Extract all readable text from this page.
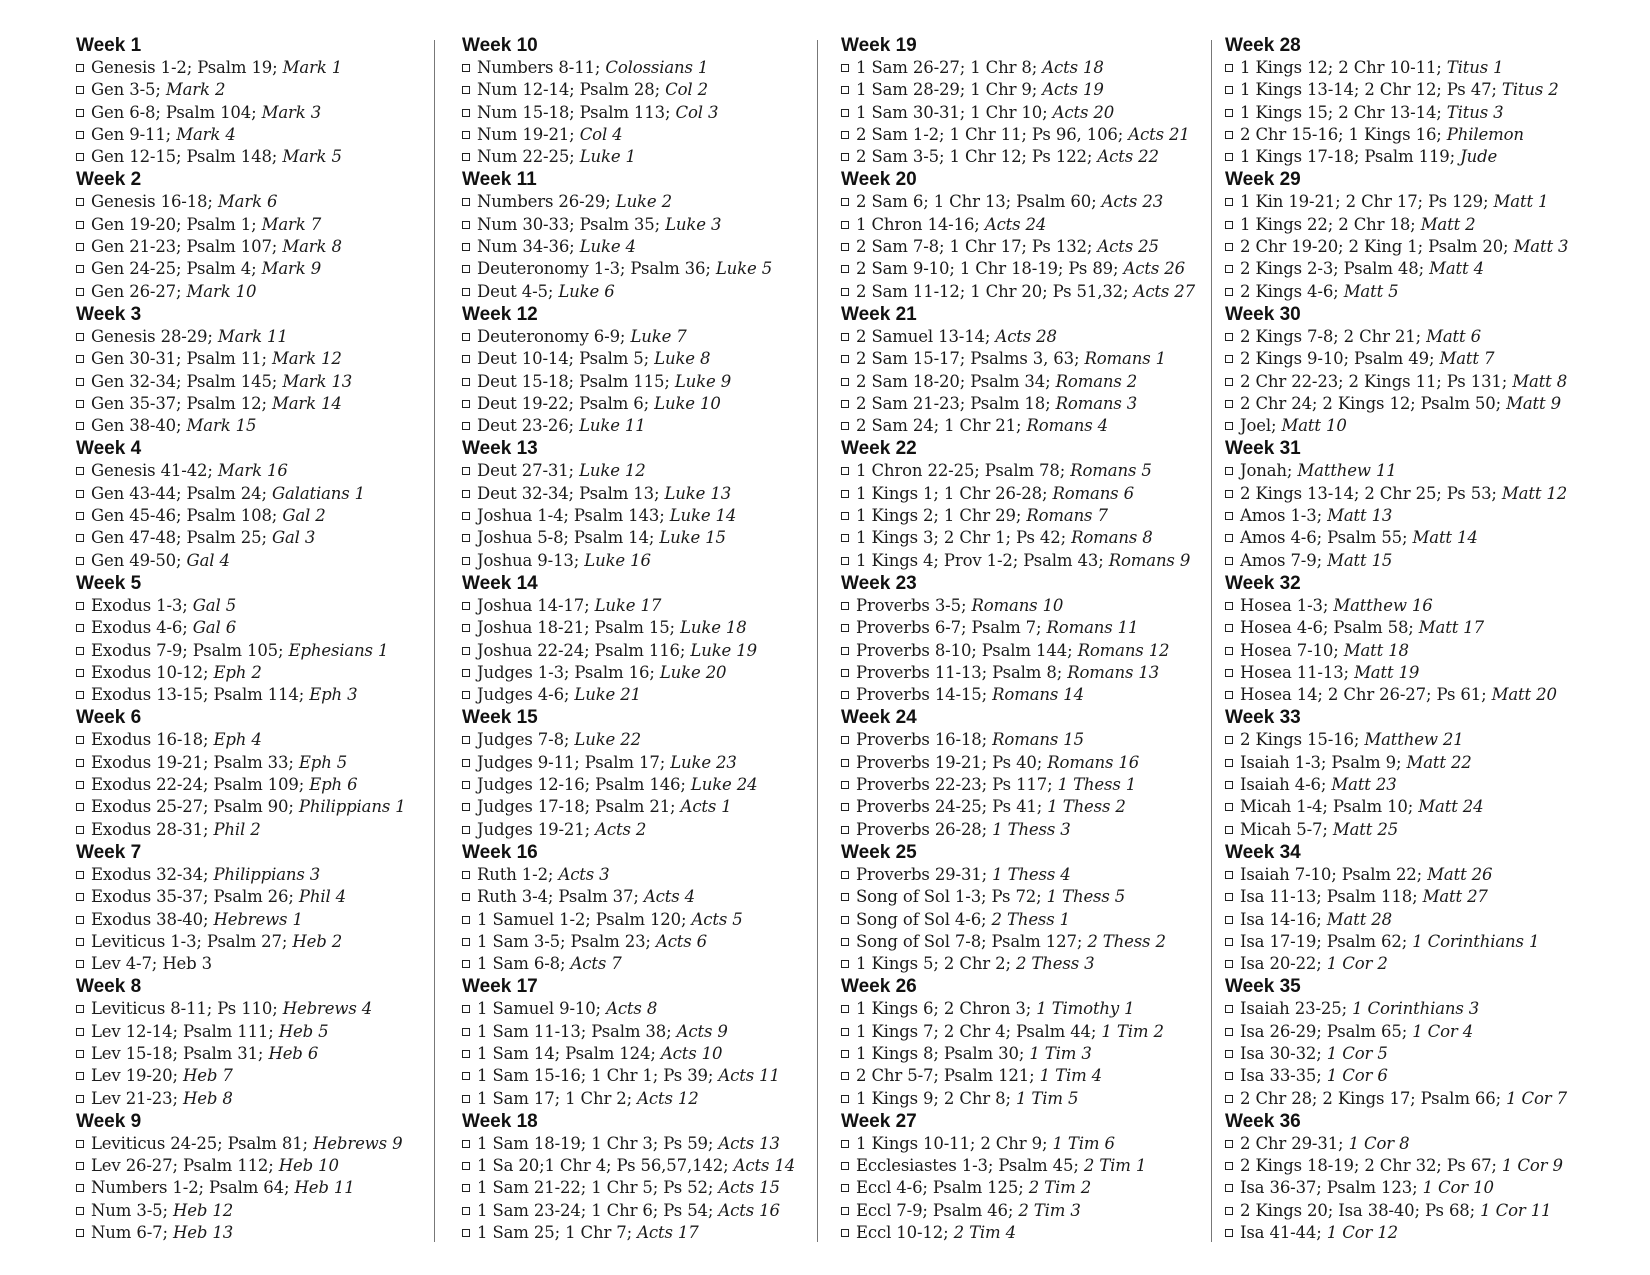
Week 1
Genesis 1-2; Psalm 19; Mark 1
Gen 3-5; Mark 2
Gen 6-8; Psalm 104; Mark 3
Gen 9-11; Mark 4
Gen 12-15; Psalm 148; Mark 5
Week 2
Genesis 16-18; Mark 6
Gen 19-20; Psalm 1; Mark 7
Gen 21-23; Psalm 107; Mark 8
Gen 24-25; Psalm 4; Mark 9
Gen 26-27; Mark 10
Week 3
Genesis 28-29; Mark 11
Gen 30-31; Psalm 11; Mark 12
Gen 32-34; Psalm 145; Mark 13
Gen 35-37; Psalm 12; Mark 14
Gen 38-40; Mark 15
Week 4
Genesis 41-42; Mark 16
Gen 43-44; Psalm 24; Galatians 1
Gen 45-46; Psalm 108; Gal 2
Gen 47-48; Psalm 25; Gal 3
Gen 49-50; Gal 4
Week 5
Exodus 1-3; Gal 5
Exodus 4-6; Gal 6
Exodus 7-9; Psalm 105; Ephesians 1
Exodus 10-12; Eph 2
Exodus 13-15; Psalm 114; Eph 3
Week 6
Exodus 16-18; Eph 4
Exodus 19-21; Psalm 33; Eph 5
Exodus 22-24; Psalm 109; Eph 6
Exodus 25-27; Psalm 90; Philippians 1
Exodus 28-31; Phil 2
Week 7
Exodus 32-34; Philippians 3
Exodus 35-37; Psalm 26; Phil 4
Exodus 38-40; Hebrews 1
Leviticus 1-3; Psalm 27; Heb 2
Lev 4-7; Heb 3
Week 8
Leviticus 8-11; Ps 110; Hebrews 4
Lev 12-14; Psalm 111; Heb 5
Lev 15-18; Psalm 31; Heb 6
Lev 19-20; Heb 7
Lev 21-23; Heb 8
Week 9
Leviticus 24-25; Psalm 81; Hebrews 9
Lev 26-27; Psalm 112; Heb 10
Numbers 1-2; Psalm 64; Heb 11
Num 3-5; Heb 12
Num 6-7; Heb 13
Week 10
Numbers 8-11; Colossians 1
Num 12-14; Psalm 28; Col 2
Num 15-18; Psalm 113; Col 3
Num 19-21; Col 4
Num 22-25; Luke 1
Week 11
Numbers 26-29; Luke 2
Num 30-33; Psalm 35; Luke 3
Num 34-36; Luke 4
Deuteronomy 1-3; Psalm 36; Luke 5
Deut 4-5; Luke 6
Week 12
Deuteronomy 6-9; Luke 7
Deut 10-14; Psalm 5; Luke 8
Deut 15-18; Psalm 115; Luke 9
Deut 19-22; Psalm 6; Luke 10
Deut 23-26; Luke 11
Week 13
Deut 27-31; Luke 12
Deut 32-34; Psalm 13; Luke 13
Joshua 1-4; Psalm 143; Luke 14
Joshua 5-8; Psalm 14; Luke 15
Joshua 9-13; Luke 16
Week 14
Joshua 14-17; Luke 17
Joshua 18-21; Psalm 15; Luke 18
Joshua 22-24; Psalm 116; Luke 19
Judges 1-3; Psalm 16; Luke 20
Judges 4-6; Luke 21
Week 15
Judges 7-8; Luke 22
Judges 9-11; Psalm 17; Luke 23
Judges 12-16; Psalm 146; Luke 24
Judges 17-18; Psalm 21; Acts 1
Judges 19-21; Acts 2
Week 16
Ruth 1-2; Acts 3
Ruth 3-4; Psalm 37; Acts 4
1 Samuel 1-2; Psalm 120; Acts 5
1 Sam 3-5; Psalm 23; Acts 6
1 Sam 6-8; Acts 7
Week 17
1 Samuel 9-10; Acts 8
1 Sam 11-13; Psalm 38; Acts 9
1 Sam 14; Psalm 124; Acts 10
1 Sam 15-16; 1 Chr 1; Ps 39; Acts 11
1 Sam 17; 1 Chr 2; Acts 12
Week 18
1 Sam 18-19; 1 Chr 3; Ps 59; Acts 13
1 Sa 20;1 Chr 4; Ps 56,57,142; Acts 14
1 Sam 21-22; 1 Chr 5; Ps 52; Acts 15
1 Sam 23-24; 1 Chr 6; Ps 54; Acts 16
1 Sam 25; 1 Chr 7; Acts 17
Week 19
1 Sam 26-27; 1 Chr 8; Acts 18
1 Sam 28-29; 1 Chr 9; Acts 19
1 Sam 30-31; 1 Chr 10; Acts 20
2 Sam 1-2; 1 Chr 11; Ps 96, 106; Acts 21
2 Sam 3-5; 1 Chr 12; Ps 122; Acts 22
Week 20
2 Sam 6; 1 Chr 13; Psalm 60; Acts 23
1 Chron 14-16; Acts 24
2 Sam 7-8; 1 Chr 17; Ps 132; Acts 25
2 Sam 9-10; 1 Chr 18-19; Ps 89; Acts 26
2 Sam 11-12; 1 Chr 20; Ps 51,32; Acts 27
Week 21
2 Samuel 13-14; Acts 28
2 Sam 15-17; Psalms 3, 63; Romans 1
2 Sam 18-20; Psalm 34; Romans 2
2 Sam 21-23; Psalm 18; Romans 3
2 Sam 24; 1 Chr 21; Romans 4
Week 22
1 Chron 22-25; Psalm 78; Romans 5
1 Kings 1; 1 Chr 26-28; Romans 6
1 Kings 2; 1 Chr 29; Romans 7
1 Kings 3; 2 Chr 1; Ps 42; Romans 8
1 Kings 4; Prov 1-2; Psalm 43; Romans 9
Week 23
Proverbs 3-5; Romans 10
Proverbs 6-7; Psalm 7; Romans 11
Proverbs 8-10; Psalm 144; Romans 12
Proverbs 11-13; Psalm 8; Romans 13
Proverbs 14-15; Romans 14
Week 24
Proverbs 16-18; Romans 15
Proverbs 19-21; Ps 40; Romans 16
Proverbs 22-23; Ps 117; 1 Thess 1
Proverbs 24-25; Ps 41; 1 Thess 2
Proverbs 26-28; 1 Thess 3
Week 25
Proverbs 29-31; 1 Thess 4
Song of Sol 1-3; Ps 72; 1 Thess 5
Song of Sol 4-6; 2 Thess 1
Song of Sol 7-8; Psalm 127; 2 Thess 2
1 Kings 5; 2 Chr 2; 2 Thess 3
Week 26
1 Kings 6; 2 Chron 3; 1 Timothy 1
1 Kings 7; 2 Chr 4; Psalm 44; 1 Tim 2
1 Kings 8; Psalm 30; 1 Tim 3
2 Chr 5-7; Psalm 121; 1 Tim 4
1 Kings 9; 2 Chr 8; 1 Tim 5
Week 27
1 Kings 10-11; 2 Chr 9; 1 Tim 6
Ecclesiastes 1-3; Psalm 45; 2 Tim 1
Eccl 4-6; Psalm 125; 2 Tim 2
Eccl 7-9; Psalm 46; 2 Tim 3
Eccl 10-12; 2 Tim 4
Week 28
1 Kings 12; 2 Chr 10-11; Titus 1
1 Kings 13-14; 2 Chr 12; Ps 47; Titus 2
1 Kings 15; 2 Chr 13-14; Titus 3
2 Chr 15-16; 1 Kings 16; Philemon
1 Kings 17-18; Psalm 119; Jude
Week 29
1 Kin 19-21; 2 Chr 17; Ps 129; Matt 1
1 Kings 22; 2 Chr 18; Matt 2
2 Chr 19-20; 2 King 1; Psalm 20; Matt 3
2 Kings 2-3; Psalm 48; Matt 4
2 Kings 4-6; Matt 5
Week 30
2 Kings 7-8; 2 Chr 21; Matt 6
2 Kings 9-10; Psalm 49; Matt 7
2 Chr 22-23; 2 Kings 11; Ps 131; Matt 8
2 Chr 24; 2 Kings 12; Psalm 50; Matt 9
Joel; Matt 10
Week 31
Jonah; Matthew 11
2 Kings 13-14; 2 Chr 25; Ps 53; Matt 12
Amos 1-3; Matt 13
Amos 4-6; Psalm 55; Matt 14
Amos 7-9; Matt 15
Week 32
Hosea 1-3; Matthew 16
Hosea 4-6; Psalm 58; Matt 17
Hosea 7-10; Matt 18
Hosea 11-13; Matt 19
Hosea 14; 2 Chr 26-27; Ps 61; Matt 20
Week 33
2 Kings 15-16; Matthew 21
Isaiah 1-3; Psalm 9; Matt 22
Isaiah 4-6; Matt 23
Micah 1-4; Psalm 10; Matt 24
Micah 5-7; Matt 25
Week 34
Isaiah 7-10; Psalm 22; Matt 26
Isa 11-13; Psalm 118; Matt 27
Isa 14-16; Matt 28
Isa 17-19; Psalm 62; 1 Corinthians 1
Isa 20-22; 1 Cor 2
Week 35
Isaiah 23-25; 1 Corinthians 3
Isa 26-29; Psalm 65; 1 Cor 4
Isa 30-32; 1 Cor 5
Isa 33-35; 1 Cor 6
2 Chr 28; 2 Kings 17; Psalm 66; 1 Cor 7
Week 36
2 Chr 29-31; 1 Cor 8
2 Kings 18-19; 2 Chr 32; Ps 67; 1 Cor 9
Isa 36-37; Psalm 123; 1 Cor 10
2 Kings 20; Isa 38-40; Ps 68; 1 Cor 11
Isa 41-44; 1 Cor 12
